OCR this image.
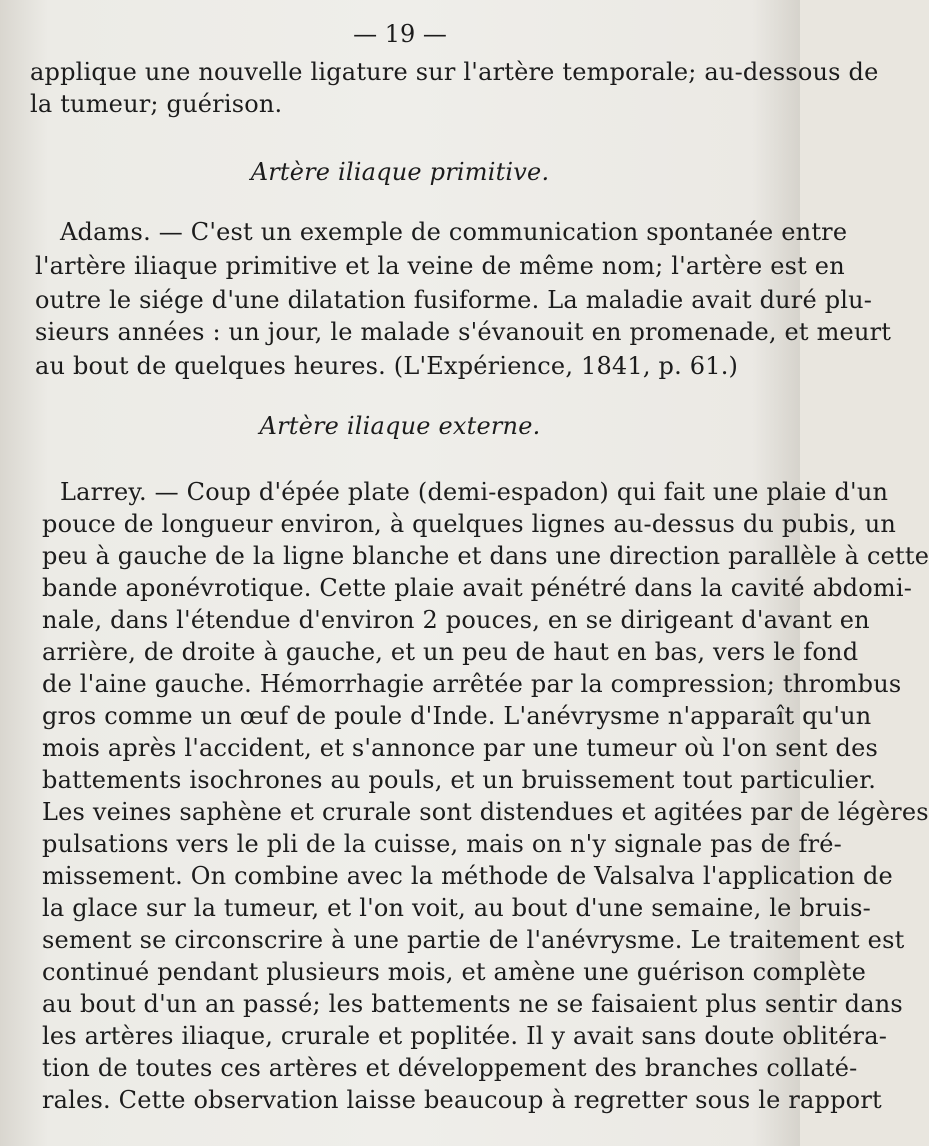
— 19 —
applique une nouvelle ligature sur l'artère temporale; au-dessous de
la tumeur; guérison.
Artère iliaque primitive.
Adams. — C'est un exemple de communication spontanée entre
l'artère iliaque primitive et la veine de même nom; l'artère est en
outre le siége d'une dilatation fusiforme. La maladie avait duré plu-
sieurs années : un jour, le malade s'évanouit en promenade, et meurt
au bout de quelques heures. (L'Expérience, 1841, p. 61.)
Artère iliaque externe.
Larrey. — Coup d'épée plate (demi-espadon) qui fait une plaie d'un
pouce de longueur environ, à quelques lignes au-dessus du pubis, un
peu à gauche de la ligne blanche et dans une direction parallèle à cette
bande aponévrotique. Cette plaie avait pénétré dans la cavité abdomi-
nale, dans l'étendue d'environ 2 pouces, en se dirigeant d'avant en
arrière, de droite à gauche, et un peu de haut en bas, vers le fond
de l'aine gauche. Hémorrhagie arrêtée par la compression; thrombus
gros comme un œuf de poule d'Inde. L'anévrysme n'apparaît qu'un
mois après l'accident, et s'annonce par une tumeur où l'on sent des
battements isochrones au pouls, et un bruissement tout particulier.
Les veines saphène et crurale sont distendues et agitées par de légères
pulsations vers le pli de la cuisse, mais on n'y signale pas de fré-
missement. On combine avec la méthode de Valsalva l'application de
la glace sur la tumeur, et l'on voit, au bout d'une semaine, le bruis-
sement se circonscrire à une partie de l'anévrysme. Le traitement est
continué pendant plusieurs mois, et amène une guérison complète
au bout d'un an passé; les battements ne se faisaient plus sentir dans
les artères iliaque, crurale et poplitée. Il y avait sans doute oblitéra-
tion de toutes ces artères et développement des branches collaté-
rales. Cette observation laisse beaucoup à regretter sous le rapport
